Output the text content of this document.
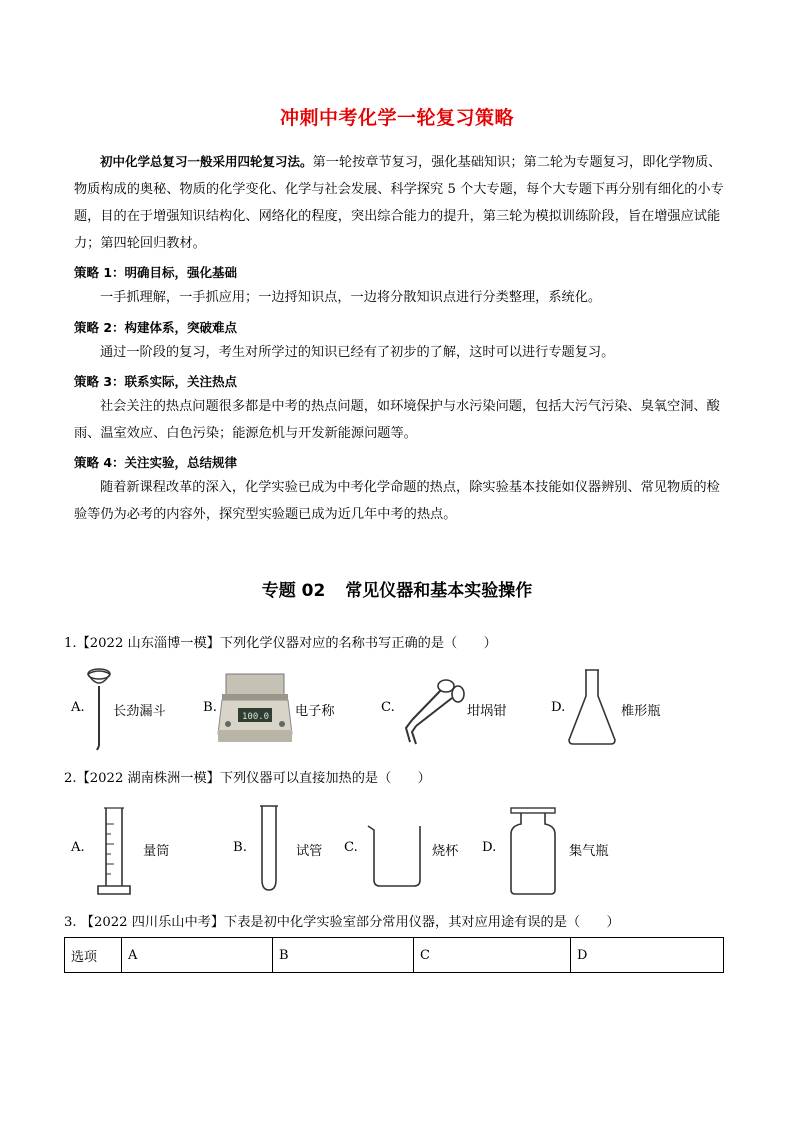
冲刺中考化学一轮复习策略
初中化学总复习一般采用四轮复习法。第一轮按章节复习，强化基础知识；第二轮为专题复习，即化学物质、物质构成的奥秘、物质的化学变化、化学与社会发展、科学探究 5 个大专题，每个大专题下再分别有细化的小专题，目的在于增强知识结构化、网络化的程度，突出综合能力的提升，第三轮为模拟训练阶段，旨在增强应试能力；第四轮回归教材。
策略 1：明确目标，强化基础
一手抓理解，一手抓应用；一边捋知识点，一边将分散知识点进行分类整理，系统化。
策略 2：构建体系，突破难点
通过一阶段的复习，考生对所学过的知识已经有了初步的了解，这时可以进行专题复习。
策略 3：联系实际，关注热点
社会关注的热点问题很多都是中考的热点问题，如环境保护与水污染问题，包括大污气污染、臭氧空洞、酸雨、温室效应、白色污染；能源危机与开发新能源问题等。
策略 4：关注实验，总结规律
随着新课程改革的深入，化学实验已成为中考化学命题的热点，除实验基本技能如仪器辨别、常见物质的检验等仍为必考的内容外，探究型实验题已成为近几年中考的热点。
专题 02 常见仪器和基本实验操作
1.【2022 山东淄博一模】下列化学仪器对应的名称书写正确的是（　　）
A. 长劲漏斗	B.
100.0 电子称	C.	坩埚钳	D.	椎形瓶
2.【2022 湖南株洲一模】下列仪器可以直接加热的是（　　）
A.	量筒	B.	试管 C.	烧杯 D.	集气瓶
3. 【2022 四川乐山中考】下表是初中化学实验室部分常用仪器，其对应用途有误的是（　　）
选项	A	B	C	D
